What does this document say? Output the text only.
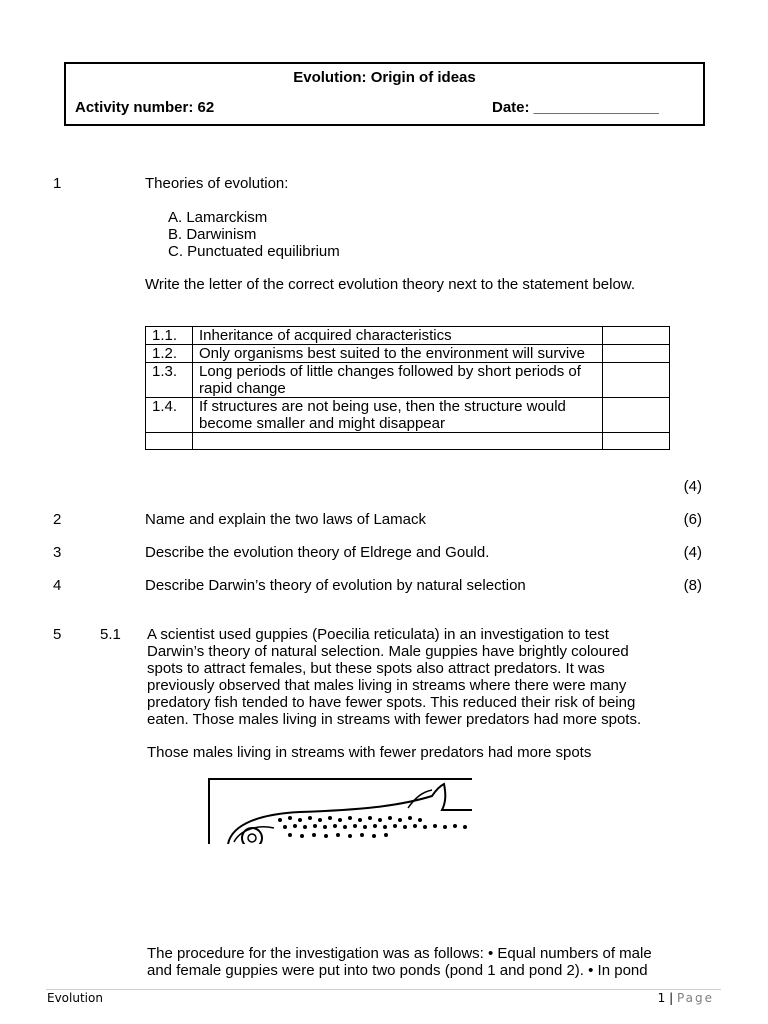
Evolution: Origin of ideas
Activity number: 62	Date: _______________
1	Theories of evolution:
A. Lamarckism
B. Darwinism
C. Punctuated equilibrium
Write the letter of the correct evolution theory next to the statement below.
1.1.	Inheritance of acquired characteristics	
1.2.	Only organisms best suited to the environment will survive	
1.3.	Long periods of little changes followed by short periods of rapid change	
1.4.	If structures are not being use, then the structure would become smaller and might disappear	

(4)
2	Name and explain the two laws of Lamack	(6)
3	Describe the evolution theory of Eldrege and Gould.	(4)
4	Describe Darwin’s theory of evolution by natural selection	(8)
5	5.1 A scientist used guppies (Poecilia reticulata) in an investigation to test Darwin’s theory of natural selection. Male guppies have brightly coloured spots to attract females, but these spots also attract predators. It was previously observed that males living in streams where there were many predatory fish tended to have fewer spots. This reduced their risk of being eaten. Those males living in streams with fewer predators had more spots.
Those males living in streams with fewer predators had more spots
The procedure for the investigation was as follows: • Equal numbers of male and female guppies were put into two ponds (pond 1 and pond 2). • In pond
Evolution	1 | Page
